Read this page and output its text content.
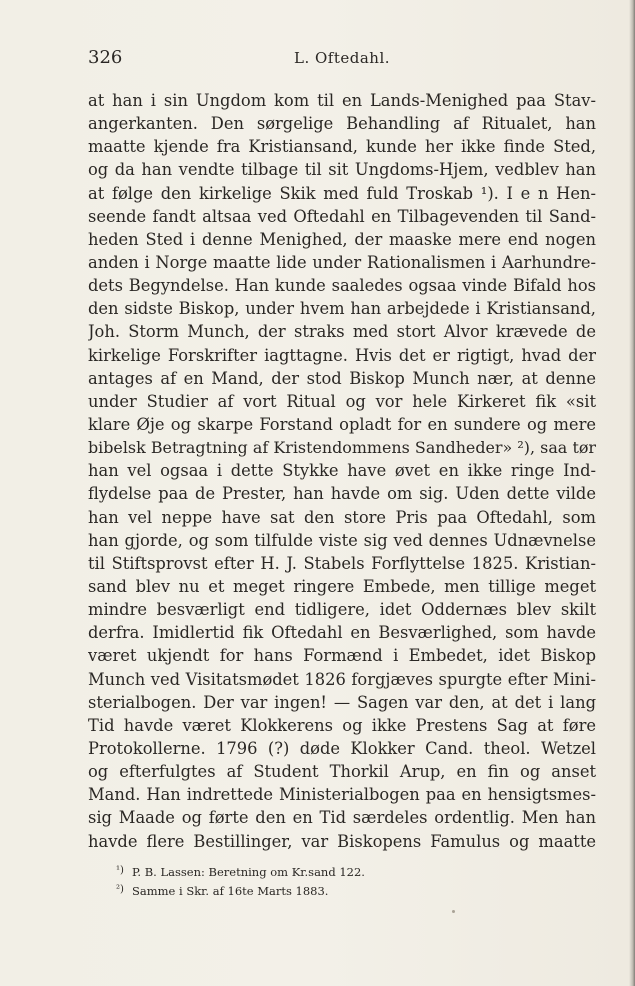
326	L. Oftedahl.
at han i sin Ungdom kom til en Lands-Menighed paa Stav-
angerkanten. Den sørgelige Behandling af Ritualet, han
maatte kjende fra Kristiansand, kunde her ikke finde Sted,
og da han vendte tilbage til sit Ungdoms-Hjem, vedblev han
at følge den kirkelige Skik med fuld Troskab ¹). I e n Hen-
seende fandt altsaa ved Oftedahl en Tilbagevenden til Sand-
heden Sted i denne Menighed, der maaske mere end nogen
anden i Norge maatte lide under Rationalismen i Aarhundre-
dets Begyndelse. Han kunde saaledes ogsaa vinde Bifald hos
den sidste Biskop, under hvem han arbejdede i Kristiansand,
Joh. Storm Munch, der straks med stort Alvor krævede de
kirkelige Forskrifter iagttagne. Hvis det er rigtigt, hvad der
antages af en Mand, der stod Biskop Munch nær, at denne
under Studier af vort Ritual og vor hele Kirkeret fik «sit
klare Øje og skarpe Forstand opladt for en sundere og mere
bibelsk Betragtning af Kristendommens Sandheder» ²), saa tør
han vel ogsaa i dette Stykke have øvet en ikke ringe Ind-
flydelse paa de Prester, han havde om sig. Uden dette vilde
han vel neppe have sat den store Pris paa Oftedahl, som
han gjorde, og som tilfulde viste sig ved dennes Udnævnelse
til Stiftsprovst efter H. J. Stabels Forflyttelse 1825. Kristian-
sand blev nu et meget ringere Embede, men tillige meget
mindre besværligt end tidligere, idet Oddernæs blev skilt
derfra. Imidlertid fik Oftedahl en Besværlighed, som havde
været ukjendt for hans Formænd i Embedet, idet Biskop
Munch ved Visitatsmødet 1826 forgjæves spurgte efter Mini-
sterialbogen. Der var ingen! — Sagen var den, at det i lang
Tid havde været Klokkerens og ikke Prestens Sag at føre
Protokollerne. 1796 (?) døde Klokker Cand. theol. Wetzel
og efterfulgtes af Student Thorkil Arup, en fin og anset
Mand. Han indrettede Ministerialbogen paa en hensigtsmes-
sig Maade og førte den en Tid særdeles ordentlig. Men han
havde flere Bestillinger, var Biskopens Famulus og maatte
¹) P. B. Lassen: Beretning om Kr.sand 122.
²) Samme i Skr. af 16te Marts 1883.
